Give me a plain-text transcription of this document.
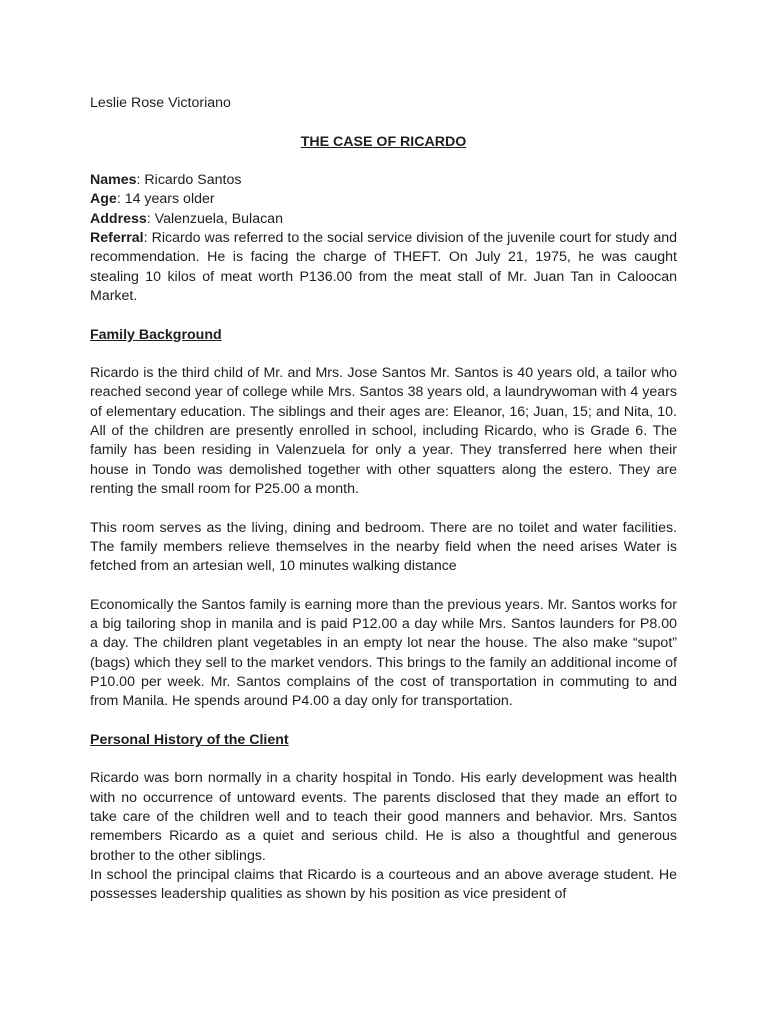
Leslie Rose Victoriano

THE CASE OF RICARDO

Names: Ricardo Santos

Age: 14 years older

Address: Valenzuela, Bulacan

Referral: Ricardo was referred to the social service division of the juvenile court for study and recommendation. He is facing the charge of THEFT. On July 21, 1975, he was caught stealing 10 kilos of meat worth P136.00 from the meat stall of Mr. Juan Tan in Caloocan Market.

Family Background

Ricardo is the third child of Mr. and Mrs. Jose Santos Mr. Santos is 40 years old, a tailor who reached second year of college while Mrs. Santos 38 years old, a laundrywoman with 4 years of elementary education. The siblings and their ages are: Eleanor, 16; Juan, 15; and Nita, 10. All of the children are presently enrolled in school, including Ricardo, who is Grade 6. The family has been residing in Valenzuela for only a year. They transferred here when their house in Tondo was demolished together with other squatters along the estero. They are renting the small room for P25.00 a month.

This room serves as the living, dining and bedroom. There are no toilet and water facilities. The family members relieve themselves in the nearby field when the need arises Water is fetched from an artesian well, 10 minutes walking distance

Economically the Santos family is earning more than the previous years. Mr. Santos works for a big tailoring shop in manila and is paid P12.00 a day while Mrs. Santos launders for P8.00 a day. The children plant vegetables in an empty lot near the house. The also make “supot” (bags) which they sell to the market vendors. This brings to the family an additional income of P10.00 per week. Mr. Santos complains of the cost of transportation in commuting to and from Manila. He spends around P4.00 a day only for transportation.

Personal History of the Client

Ricardo was born normally in a charity hospital in Tondo. His early development was health with no occurrence of untoward events. The parents disclosed that they made an effort to take care of the children well and to teach their good manners and behavior. Mrs. Santos remembers Ricardo as a quiet and serious child. He is also a thoughtful and generous brother to the other siblings.

In school the principal claims that Ricardo is a courteous and an above average student. He possesses leadership qualities as shown by his position as vice president of
